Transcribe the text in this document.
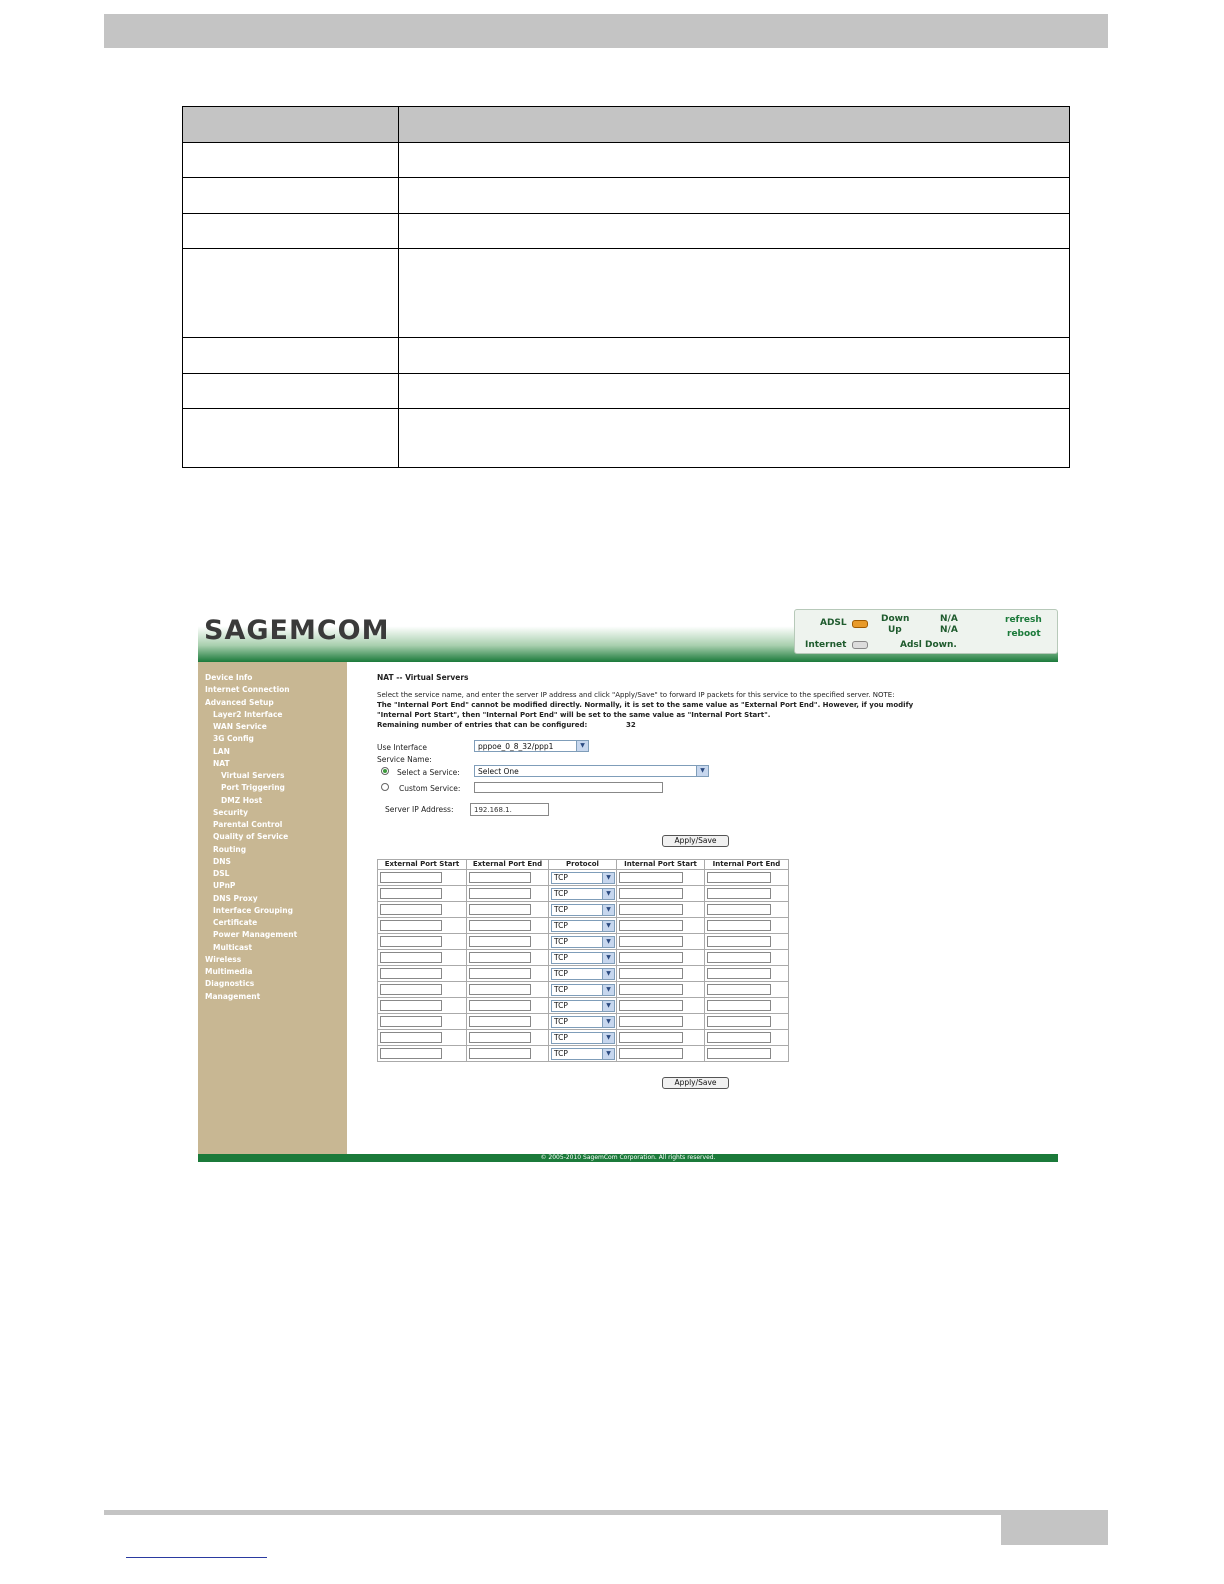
SAGEMCOM	ADSL
Internet
Down
Up
N/A
N/A
Adsl Down.
refresh
reboot
Device Info
Internet Connection
Advanced Setup
Layer2 Interface
WAN Service
3G Config
LAN
NAT
Virtual Servers
Port Triggering
DMZ Host
Security
Parental Control
Quality of Service
Routing
DNS
DSL
UPnP
DNS Proxy
Interface Grouping
Certificate
Power Management
Multicast
Wireless
Multimedia
Diagnostics
Management
NAT -- Virtual Servers
Select the service name, and enter the server IP address and click "Apply/Save" to forward IP packets for this service to the specified server. NOTE:
The "Internal Port End" cannot be modified directly. Normally, it is set to the same value as "External Port End". However, if you modify
"Internal Port Start", then "Internal Port End" will be set to the same value as "Internal Port Start".
Remaining number of entries that can be configured:	32
Use Interface	pppoe_0_8_32/ppp1	▼
Service Name:
Select a Service:	Select One	▼
Custom Service:
Server IP Address:	192.168.1.
Apply/Save
External Port Start	External Port End	Protocol	Internal Port Start	Internal Port End

		TCP ▼		

		TCP ▼		

		TCP ▼		

		TCP ▼		

		TCP ▼		

		TCP ▼		

		TCP ▼		

		TCP ▼		

		TCP ▼		

		TCP ▼		

		TCP ▼		

		TCP ▼		

Apply/Save
© 2005-2010 SagemCom Corporation. All rights reserved.
